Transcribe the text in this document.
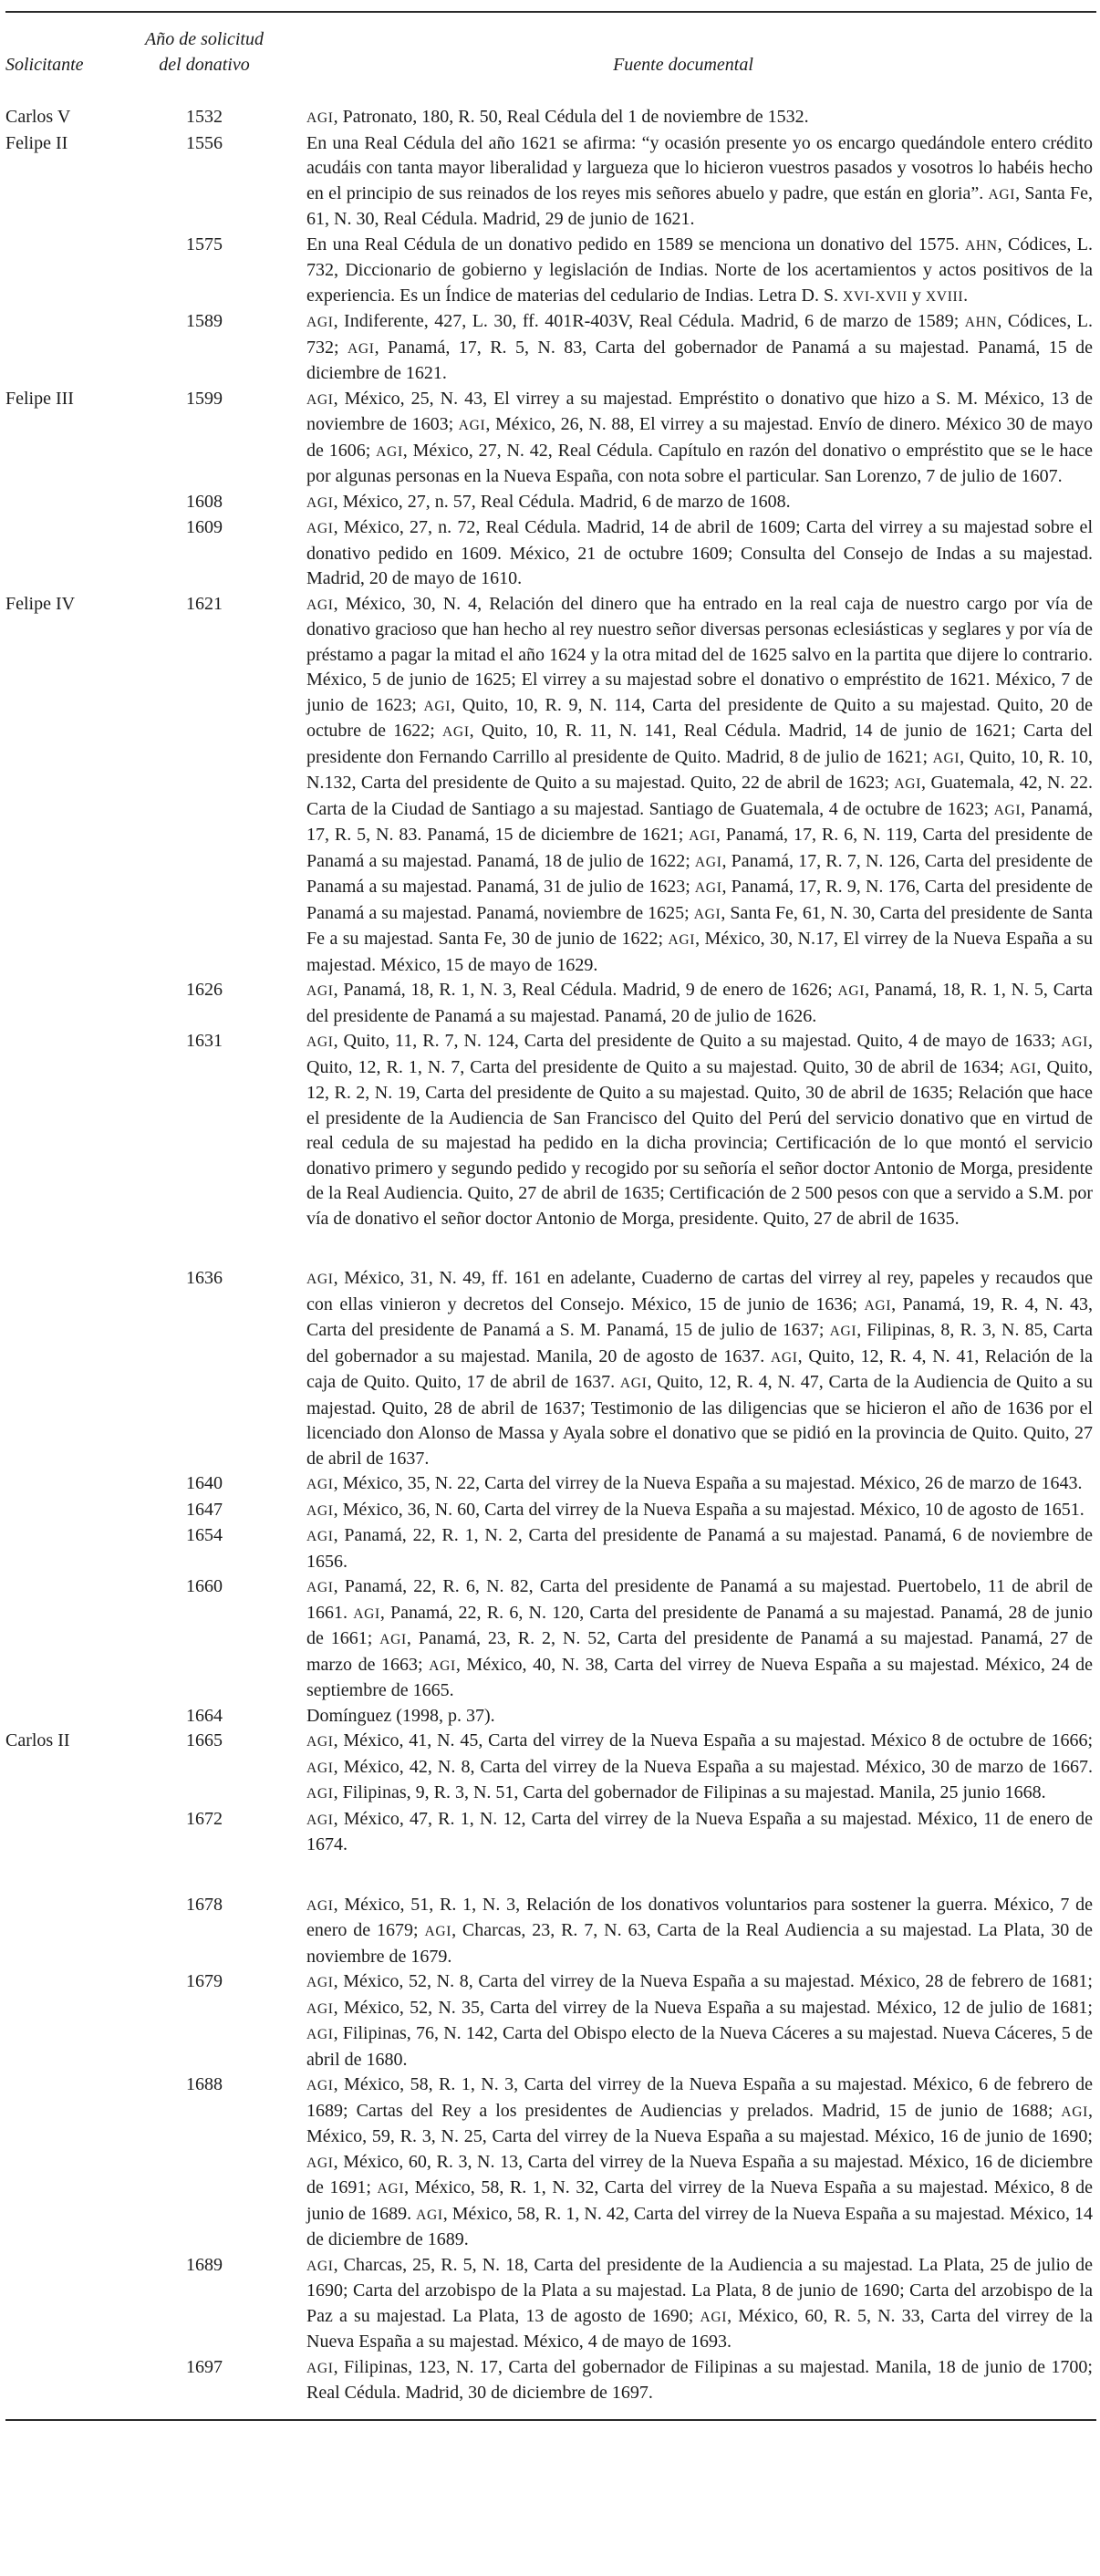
Solicitante
Año de solicitud
del donativo	Fuente documental
Carlos V	1532	AGI, Patronato, 180, R. 50, Real Cédula del 1 de noviembre de 1532.
Felipe II	1556	En una Real Cédula del año 1621 se afirma: “y ocasión presente yo os encargo quedándole entero crédito acudáis con tanta mayor liberalidad y largueza que lo hicieron vuestros pasados y vosotros lo habéis hecho en el principio de sus reinados de los reyes mis señores abuelo y padre, que están en gloria”. AGI, Santa Fe, 61, N. 30, Real Cédula. Madrid, 29 de junio de 1621.
1575	En una Real Cédula de un donativo pedido en 1589 se menciona un donativo del 1575. AHN, Códices, L. 732, Diccionario de gobierno y legislación de Indias. Norte de los acertamientos y actos positivos de la experiencia. Es un Índice de materias del cedulario de Indias. Letra D. S. XVI-XVII y XVIII.
1589	AGI, Indiferente, 427, L. 30, ff. 401R-403V, Real Cédula. Madrid, 6 de marzo de 1589; AHN, Códices, L. 732; AGI, Panamá, 17, R. 5, N. 83, Carta del gobernador de Panamá a su majestad. Panamá, 15 de diciembre de 1621.
Felipe III	1599	AGI, México, 25, N. 43, El virrey a su majestad. Empréstito o donativo que hizo a S. M. México, 13 de noviembre de 1603; AGI, México, 26, N. 88, El virrey a su majestad. Envío de dinero. México 30 de mayo de 1606; AGI, México, 27, N. 42, Real Cédula. Capítulo en razón del donativo o empréstito que se le hace por algunas personas en la Nueva España, con nota sobre el particular. San Lorenzo, 7 de julio de 1607.
1608	AGI, México, 27, n. 57, Real Cédula. Madrid, 6 de marzo de 1608.
1609	AGI, México, 27, n. 72, Real Cédula. Madrid, 14 de abril de 1609; Carta del virrey a su majestad sobre el donativo pedido en 1609. México, 21 de octubre 1609; Consulta del Consejo de Indas a su majestad. Madrid, 20 de mayo de 1610.
Felipe IV	1621	AGI, México, 30, N. 4, Relación del dinero que ha entrado en la real caja de nuestro cargo por vía de donativo gracioso que han hecho al rey nuestro señor diversas personas eclesiásticas y seglares y por vía de préstamo a pagar la mitad el año 1624 y la otra mitad del de 1625 salvo en la partita que dijere lo contrario. México, 5 de junio de 1625; El virrey a su majestad sobre el donativo o empréstito de 1621. México, 7 de junio de 1623; AGI, Quito, 10, R. 9, N. 114, Carta del presidente de Quito a su majestad. Quito, 20 de octubre de 1622; AGI, Quito, 10, R. 11, N. 141, Real Cédula. Madrid, 14 de junio de 1621; Carta del presidente don Fernando Carrillo al presidente de Quito. Madrid, 8 de julio de 1621; AGI, Quito, 10, R. 10, N.132, Carta del presidente de Quito a su majestad. Quito, 22 de abril de 1623; AGI, Guatemala, 42, N. 22. Carta de la Ciudad de Santiago a su majestad. Santiago de Guatemala, 4 de octubre de 1623; AGI, Panamá, 17, R. 5, N. 83. Panamá, 15 de diciembre de 1621; AGI, Panamá, 17, R. 6, N. 119, Carta del presidente de Panamá a su majestad. Panamá, 18 de julio de 1622; AGI, Panamá, 17, R. 7, N. 126, Carta del presidente de Panamá a su majestad. Panamá, 31 de julio de 1623; AGI, Panamá, 17, R. 9, N. 176, Carta del presidente de Panamá a su majestad. Panamá, noviembre de 1625; AGI, Santa Fe, 61, N. 30, Carta del presidente de Santa Fe a su majestad. Santa Fe, 30 de junio de 1622; AGI, México, 30, N.17, El virrey de la Nueva España a su majestad. México, 15 de mayo de 1629.
1626	AGI, Panamá, 18, R. 1, N. 3, Real Cédula. Madrid, 9 de enero de 1626; AGI, Panamá, 18, R. 1, N. 5, Carta del presidente de Panamá a su majestad. Panamá, 20 de julio de 1626.
1631	AGI, Quito, 11, R. 7, N. 124, Carta del presidente de Quito a su majestad. Quito, 4 de mayo de 1633; AGI, Quito, 12, R. 1, N. 7, Carta del presidente de Quito a su majestad. Quito, 30 de abril de 1634; AGI, Quito, 12, R. 2, N. 19, Carta del presidente de Quito a su majestad. Quito, 30 de abril de 1635; Relación que hace el presidente de la Audiencia de San Francisco del Quito del Perú del servicio donativo que en virtud de real cedula de su majestad ha pedido en la dicha provincia; Certificación de lo que montó el servicio donativo primero y segundo pedido y recogido por su señoría el señor doctor Antonio de Morga, presidente de la Real Audiencia. Quito, 27 de abril de 1635; Certificación de 2 500 pesos con que a servido a S.M. por vía de donativo el señor doctor Antonio de Morga, presidente. Quito, 27 de abril de 1635.
1636	AGI, México, 31, N. 49, ff. 161 en adelante, Cuaderno de cartas del virrey al rey, papeles y recaudos que con ellas vinieron y decretos del Consejo. México, 15 de junio de 1636; AGI, Panamá, 19, R. 4, N. 43, Carta del presidente de Panamá a S. M. Panamá, 15 de julio de 1637; AGI, Filipinas, 8, R. 3, N. 85, Carta del gobernador a su majestad. Manila, 20 de agosto de 1637. AGI, Quito, 12, R. 4, N. 41, Relación de la caja de Quito. Quito, 17 de abril de 1637. AGI, Quito, 12, R. 4, N. 47, Carta de la Audiencia de Quito a su majestad. Quito, 28 de abril de 1637; Testimonio de las diligencias que se hicieron el año de 1636 por el licenciado don Alonso de Massa y Ayala sobre el donativo que se pidió en la provincia de Quito. Quito, 27 de abril de 1637.
1640	AGI, México, 35, N. 22, Carta del virrey de la Nueva España a su majestad. México, 26 de marzo de 1643.
1647	AGI, México, 36, N. 60, Carta del virrey de la Nueva España a su majestad. México, 10 de agosto de 1651.
1654	AGI, Panamá, 22, R. 1, N. 2, Carta del presidente de Panamá a su majestad. Panamá, 6 de noviembre de 1656.
1660	AGI, Panamá, 22, R. 6, N. 82, Carta del presidente de Panamá a su majestad. Puertobelo, 11 de abril de 1661. AGI, Panamá, 22, R. 6, N. 120, Carta del presidente de Panamá a su majestad. Panamá, 28 de junio de 1661; AGI, Panamá, 23, R. 2, N. 52, Carta del presidente de Panamá a su majestad. Panamá, 27 de marzo de 1663; AGI, México, 40, N. 38, Carta del virrey de Nueva España a su majestad. México, 24 de septiembre de 1665.
1664	Domínguez (1998, p. 37).
Carlos II	1665	AGI, México, 41, N. 45, Carta del virrey de la Nueva España a su majestad. México 8 de octubre de 1666; AGI, México, 42, N. 8, Carta del virrey de la Nueva España a su majestad. México, 30 de marzo de 1667. AGI, Filipinas, 9, R. 3, N. 51, Carta del gobernador de Filipinas a su majestad. Manila, 25 junio 1668.
1672	AGI, México, 47, R. 1, N. 12, Carta del virrey de la Nueva España a su majestad. México, 11 de enero de 1674.
1678	AGI, México, 51, R. 1, N. 3, Relación de los donativos voluntarios para sostener la guerra. México, 7 de enero de 1679; AGI, Charcas, 23, R. 7, N. 63, Carta de la Real Audiencia a su majestad. La Plata, 30 de noviembre de 1679.
1679	AGI, México, 52, N. 8, Carta del virrey de la Nueva España a su majestad. México, 28 de febrero de 1681; AGI, México, 52, N. 35, Carta del virrey de la Nueva España a su majestad. México, 12 de julio de 1681; AGI, Filipinas, 76, N. 142, Carta del Obispo electo de la Nueva Cáceres a su majestad. Nueva Cáceres, 5 de abril de 1680.
1688	AGI, México, 58, R. 1, N. 3, Carta del virrey de la Nueva España a su majestad. México, 6 de febrero de 1689; Cartas del Rey a los presidentes de Audiencias y prelados. Madrid, 15 de junio de 1688; AGI, México, 59, R. 3, N. 25, Carta del virrey de la Nueva España a su majestad. México, 16 de junio de 1690; AGI, México, 60, R. 3, N. 13, Carta del virrey de la Nueva España a su majestad. México, 16 de diciembre de 1691; AGI, México, 58, R. 1, N. 32, Carta del virrey de la Nueva España a su majestad. México, 8 de junio de 1689. AGI, México, 58, R. 1, N. 42, Carta del virrey de la Nueva España a su majestad. México, 14 de diciembre de 1689.
1689	AGI, Charcas, 25, R. 5, N. 18, Carta del presidente de la Audiencia a su majestad. La Plata, 25 de julio de 1690; Carta del arzobispo de la Plata a su majestad. La Plata, 8 de junio de 1690; Carta del arzobispo de la Paz a su majestad. La Plata, 13 de agosto de 1690; AGI, México, 60, R. 5, N. 33, Carta del virrey de la Nueva España a su majestad. México, 4 de mayo de 1693.
1697	AGI, Filipinas, 123, N. 17, Carta del gobernador de Filipinas a su majestad. Manila, 18 de junio de 1700; Real Cédula. Madrid, 30 de diciembre de 1697.
